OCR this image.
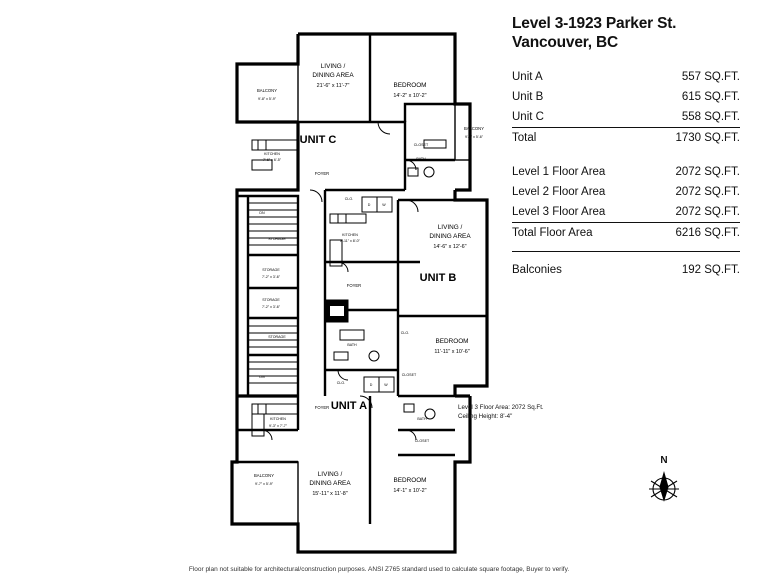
UNIT C
UNIT B
UNIT A
BALCONY
9'-8" x 5'-9"
LIVING /
DINING AREA
21'-6" x 11'-7"	BEDROOM
14'-2" x 10'-2"
BALCONY
9'-5" x 5'-6"
KITCHEN
7'-6" x 6'-5"
FOYER
BATH
CLOSET
CLO.
D	W
STORAGE
STORAGE
7'-2" x 3'-6"
STORAGE
7'-2" x 3'-6"
STORAGE
DN
DN
KITCHEN
8'-11" x 8'-0"
LIVING /
DINING AREA
14'-6" x 12'-6"
FOYER
BATH
CLO.
BEDROOM
11'-11" x 10'-6"
D	W
CLO.
CLOSET
FOYER
KITCHEN
9'-3" x 7'-7"
BATH
CLOSET
BALCONY
9'-7" x 5'-9"
LIVING /
DINING AREA
15'-11" x 11'-8"
BEDROOM
14'-1" x 10'-2"
Level 3 Floor Area: 2072 Sq.Ft.
Ceiling Height: 8'-4"
Level 3-1923 Parker St.
Vancouver, BC
Unit A	557 SQ.FT.
Unit B	615 SQ.FT.
Unit C	558 SQ.FT.
Total	1730 SQ.FT.

Level 1 Floor Area	2072 SQ.FT.
Level 2 Floor Area	2072 SQ.FT.
Level 3 Floor Area	2072 SQ.FT.
Total Floor Area	6216 SQ.FT.

Balconies	192 SQ.FT.
N
Floor plan not suitable for architectural/construction purposes. ANSI Z765 standard used to calculate square footage, Buyer to verify.
